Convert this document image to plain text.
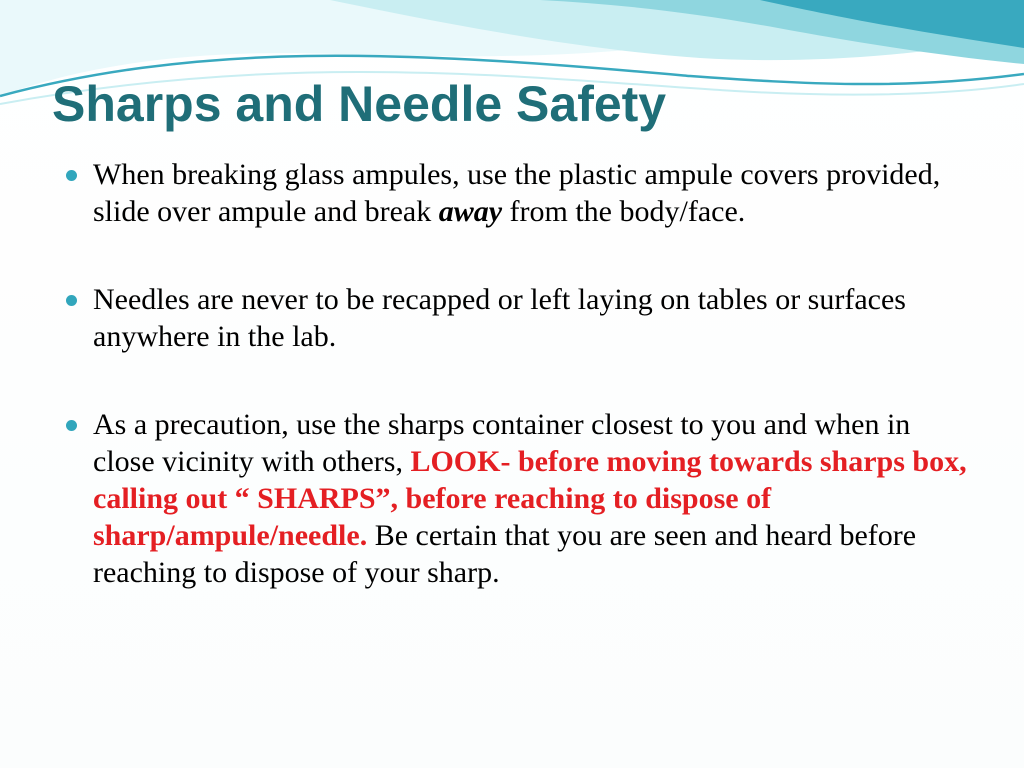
Sharps and Needle Safety
When breaking glass ampules, use the plastic ampule covers provided, slide over ampule and break away from the body/face.
Needles are never to be recapped or left laying on tables or surfaces anywhere in the lab.
As a precaution, use the sharps container closest to you and when in close vicinity with others, LOOK- before moving towards sharps box, calling out “ SHARPS”, before reaching to dispose of sharp/ampule/needle. Be certain that you are seen and heard before reaching to dispose of your sharp.
